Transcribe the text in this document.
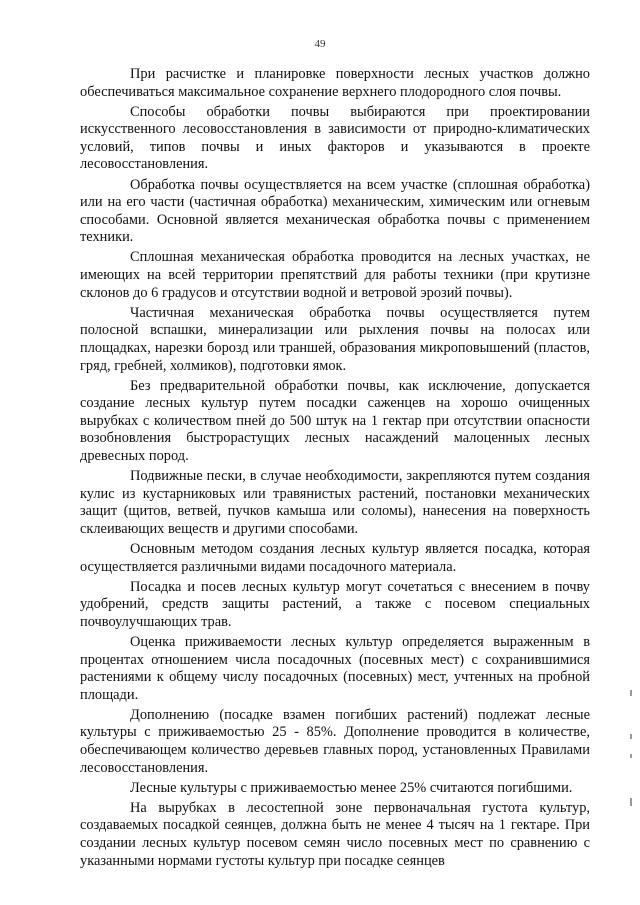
49

При расчистке и планировке поверхности лесных участков должно обеспечиваться максимальное сохранение верхнего плодородного слоя почвы.

Способы обработки почвы выбираются при проектировании искусственного лесовосстановления в зависимости от природно-климатических условий, типов почвы и иных факторов и указываются в проекте лесовосстановления.

Обработка почвы осуществляется на всем участке (сплошная обработка) или на его части (частичная обработка) механическим, химическим или огневым способами. Основной является механическая обработка почвы с применением техники.

Сплошная механическая обработка проводится на лесных участках, не имеющих на всей территории препятствий для работы техники (при крутизне склонов до 6 градусов и отсутствии водной и ветровой эрозий почвы).

Частичная механическая обработка почвы осуществляется путем полосной вспашки, минерализации или рыхления почвы на полосах или площадках, нарезки борозд или траншей, образования микроповышений (пластов, гряд, гребней, холмиков), подготовки ямок.

Без предварительной обработки почвы, как исключение, допускается создание лесных культур путем посадки саженцев на хорошо очищенных вырубках с количеством пней до 500 штук на 1 гектар при отсутствии опасности возобновления быстрорастущих лесных насаждений малоценных лесных древесных пород.

Подвижные пески, в случае необходимости, закрепляются путем создания кулис из кустарниковых или травянистых растений, постановки механических защит (щитов, ветвей, пучков камыша или соломы), нанесения на поверхность склеивающих веществ и другими способами.

Основным методом создания лесных культур является посадка, которая осуществляется различными видами посадочного материала.

Посадка и посев лесных культур могут сочетаться с внесением в почву удобрений, средств защиты растений, а также с посевом специальных почвоулучшающих трав.

Оценка приживаемости лесных культур определяется выраженным в процентах отношением числа посадочных (посевных мест) с сохранившимися растениями к общему числу посадочных (посевных) мест, учтенных на пробной площади.

Дополнению (посадке взамен погибших растений) подлежат лесные культуры с приживаемостью 25 - 85%. Дополнение проводится в количестве, обеспечивающем количество деревьев главных пород, установленных Правилами лесовосстановления.

Лесные культуры с приживаемостью менее 25% считаются погибшими.

На вырубках в лесостепной зоне первоначальная густота культур, создаваемых посадкой сеянцев, должна быть не менее 4 тысяч на 1 гектаре. При создании лесных культур посевом семян число посевных мест по сравнению с указанными нормами густоты культур при посадке сеянцев
